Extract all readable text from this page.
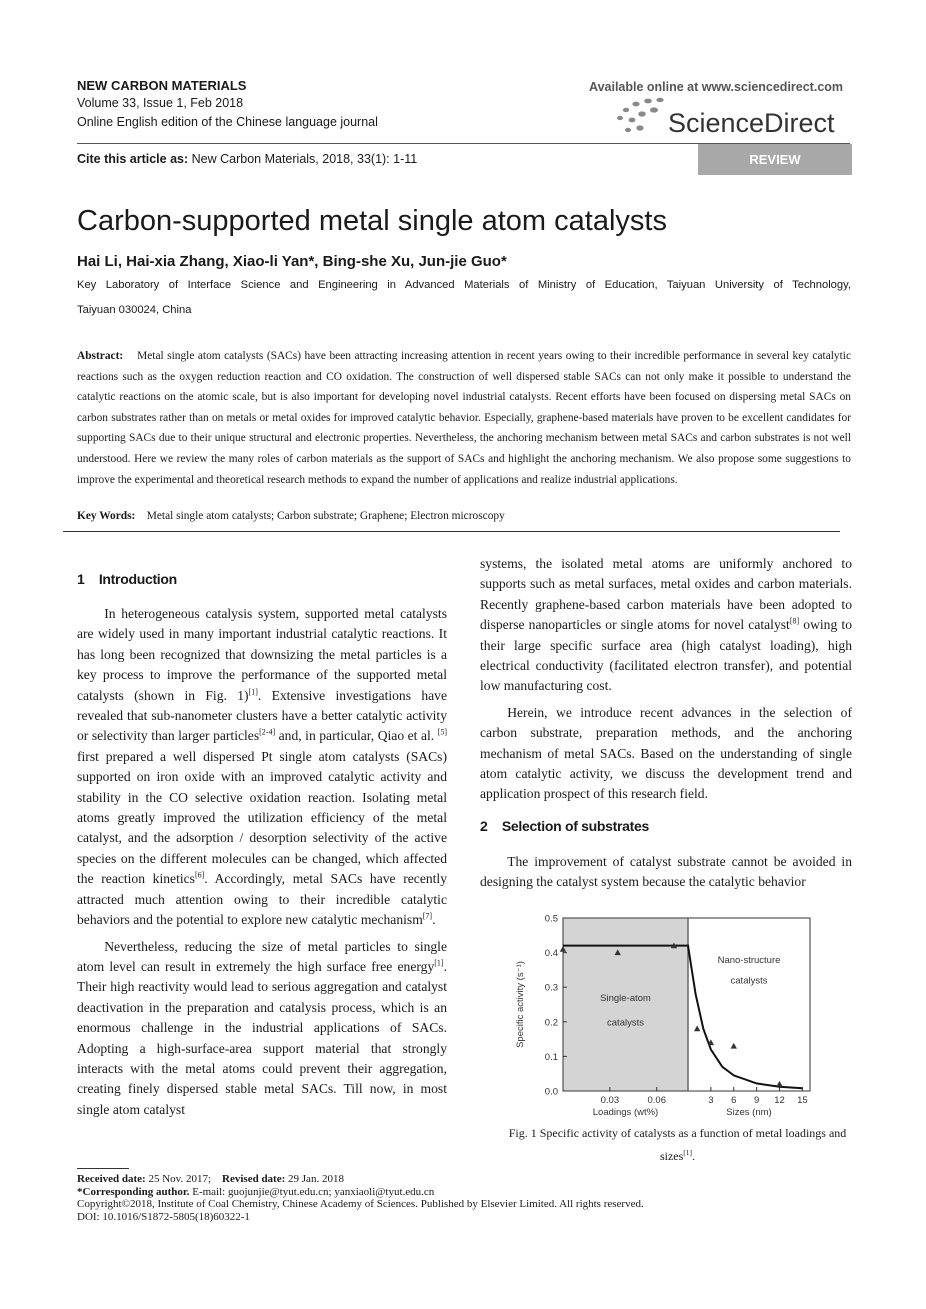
NEW CARBON MATERIALS
Volume 33, Issue 1, Feb 2018
Online English edition of the Chinese language journal
Available online at www.sciencedirect.com
ScienceDirect
Cite this article as: New Carbon Materials, 2018, 33(1): 1-11	REVIEW
Carbon-supported metal single atom catalysts
Hai Li, Hai-xia Zhang, Xiao-li Yan*, Bing-she Xu, Jun-jie Guo*
Key Laboratory of Interface Science and Engineering in Advanced Materials of Ministry of Education, Taiyuan University of Technology,
Taiyuan 030024, China
Abstract: Metal single atom catalysts (SACs) have been attracting increasing attention in recent years owing to their incredible performance in several key catalytic reactions such as the oxygen reduction reaction and CO oxidation. The construction of well dispersed stable SACs can not only make it possible to understand the catalytic reactions on the atomic scale, but is also important for developing novel industrial catalysts. Recent efforts have been focused on dispersing metal SACs on carbon substrates rather than on metals or metal oxides for improved catalytic behavior. Especially, graphene-based materials have proven to be excellent candidates for supporting SACs due to their unique structural and electronic properties. Nevertheless, the anchoring mechanism between metal SACs and carbon substrates is not well understood. Here we review the many roles of carbon materials as the support of SACs and highlight the anchoring mechanism. We also propose some suggestions to improve the experimental and theoretical research methods to expand the number of applications and realize industrial applications.
Key Words: Metal single atom catalysts; Carbon substrate; Graphene; Electron microscopy
1    Introduction
2    Selection of substrates

In heterogeneous catalysis system, supported metal catalysts are widely used in many important industrial catalytic reactions. It has long been recognized that downsizing the metal particles is a key process to improve the performance of the supported metal catalysts (shown in Fig. 1)[1]. Extensive investigations have revealed that sub-nanometer clusters have a better catalytic activity or selectivity than larger particles[2-4] and, in particular, Qiao et al. [5] first prepared a well dispersed Pt single atom catalysts (SACs) supported on iron oxide with an improved catalytic activity and stability in the CO selective oxidation reaction. Isolating metal atoms greatly improved the utilization efficiency of the metal catalyst, and the adsorption / desorption selectivity of the active species on the different molecules can be changed, which affected the reaction kinetics[6]. Accordingly, metal SACs have recently attracted much attention owing to their incredible catalytic behaviors and the potential to explore new catalytic mechanism[7].

Nevertheless, reducing the size of metal particles to single atom level can result in extremely the high surface free energy[1]. Their high reactivity would lead to serious aggregation and catalyst deactivation in the preparation and catalysis process, which is an enormous challenge in the industrial applications of SACs. Adopting a high-surface-area support material that strongly interacts with the metal atoms could prevent their aggregation, creating finely dispersed stable metal SACs. Till now, in most single atom catalyst

systems, the isolated metal atoms are uniformly anchored to supports such as metal surfaces, metal oxides and carbon materials. Recently graphene-based carbon materials have been adopted to disperse nanoparticles or single atoms for novel catalyst[8] owing to their large specific surface area (high catalyst loading), high electrical conductivity (facilitated electron transfer), and potential low manufacturing cost.

Herein, we introduce recent advances in the selection of carbon substrate, preparation methods, and the anchoring mechanism of metal SACs. Based on the understanding of single atom catalytic activity, we discuss the development trend and application prospect of this research field.

The improvement of catalyst substrate cannot be avoided in designing the catalyst system because the catalytic behavior

0.5
0.4
0.3
0.2
0.1
0.0
Specific activity (s⁻¹)
0.03	0.06
Loadings (wt%)
3 6 9 12 15
Sizes (nm)
Single-atom
catalysts
Nano-structure
catalysts
Fig. 1 Specific activity of catalysts as a function of metal loadings and sizes[1].
Received date: 25 Nov. 2017; Revised date: 29 Jan. 2018
*Corresponding author. E-mail: guojunjie@tyut.edu.cn; yanxiaoli@tyut.edu.cn
Copyright©2018, Institute of Coal Chemistry, Chinese Academy of Sciences. Published by Elsevier Limited. All rights reserved.
DOI: 10.1016/S1872-5805(18)60322-1
